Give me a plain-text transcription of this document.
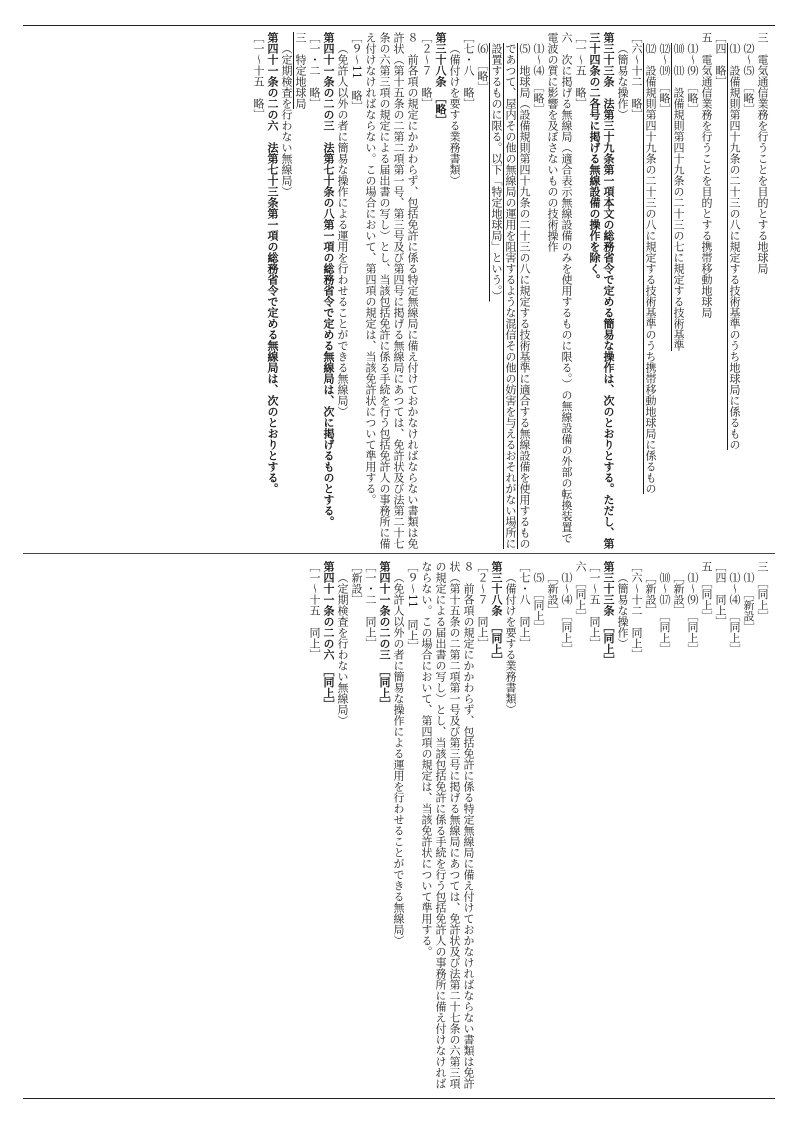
三　電気通信業務を行うことを目的とする地球局
⑵〜⑸　［略］
⑴　設備規則第四十九条の二十三の八に規定する技術基準のうち地球局に係るもの
［四　略］
五　電気通信業務を行うことを目的とする携帯移動地球局
⑴〜⑼　［略］
⑽　⑾　設備規則第四十九条の二十三の七に規定する技術基準
⑿〜⒆　［略］
⑿　設備規則第四十九条の二十三の八に規定する技術基準のうち携帯移動地球局に係るもの
［六〜十二　略］
（簡易な操作）
第三十三条　法第三十九条第一項本文の総務省令で定める簡易な操作は、次のとおりとする。ただし、第三十四条の二各号に掲げる無線設備の操作を除く。
［一〜五　略］
六　次に掲げる無線局（適合表示無線設備のみを使用するものに限る。）の無線設備の外部の転換装置で電波の質に影響を及ぼさないものの技術操作
⑴〜⑷　［略］
⑸　地球局（設備規則第四十九条の二十三の八に規定する技術基準に適合する無線設備を使用するものであつて、屋内その他の無線局の運用を阻害するような混信その他の妨害を与えるおそれがない場所に設置するものに限る。以下「特定地球局」という。）
⑹　［略］
［七・八　略］
（備付けを要する業務書類）
第三十八条　［略］
［２〜７　略］
８　前各項の規定にかかわらず、包括免許に係る特定無線局に備え付けておかなければならない書類は免許状（第十五条の二第二項第一号、第三号及び第四号に掲げる無線局にあつては、免許状及び法第二十七条の六第三項の規定による届出書の写し）とし、当該包括免許に係る手続を行う包括免許人の事務所に備え付けなければならない。この場合において、第四項の規定は、当該免許状について準用する。
［９〜11　略］
（免許人以外の者に簡易な操作による運用を行わせることができる無線局）
第四十一条の二の三　法第七十条の八第一項の総務省令で定める無線局は、次に掲げるものとする。
［一・二　略］
三　特定地球局
（定期検査を行わない無線局）
第四十一条の二の六　法第七十三条第一項の総務省令で定める無線局は、次のとおりとする。
［一〜十五　略］
三　［同上］
⑴　［新設］
⑴〜⑷　［同上］
［四　同上］
五　［同上］
⑴〜⑼　［同上］
［新設］
⑽〜⒄　［同上］
［新設］
［六〜十二　同上］
（簡易な操作）
第三十三条　［同上］
［一〜五　同上］
六　［同上］
⑴〜⑷　［同上］
［新設］
⑸　［同上］
［七・八　同上］
（備付けを要する業務書類）
第三十八条　［同上］
［２〜７　同上］
８　前各項の規定にかかわらず、包括免許に係る特定無線局に備え付けておかなければならない書類は免許状（第十五条の二第二項第一号及び第三号に掲げる無線局にあつては、免許状及び法第二十七条の六第三項の規定による届出書の写し）とし、当該包括免許に係る手続を行う包括免許人の事務所に備え付けなければならない。この場合において、第四項の規定は、当該免許状について準用する。
［９〜11　同上］
（免許人以外の者に簡易な操作による運用を行わせることができる無線局）
第四十一条の二の三　［同上］
［一・二　同上］
［新設］
（定期検査を行わない無線局）
第四十一条の二の六　［同上］
［一〜十五　同上］
